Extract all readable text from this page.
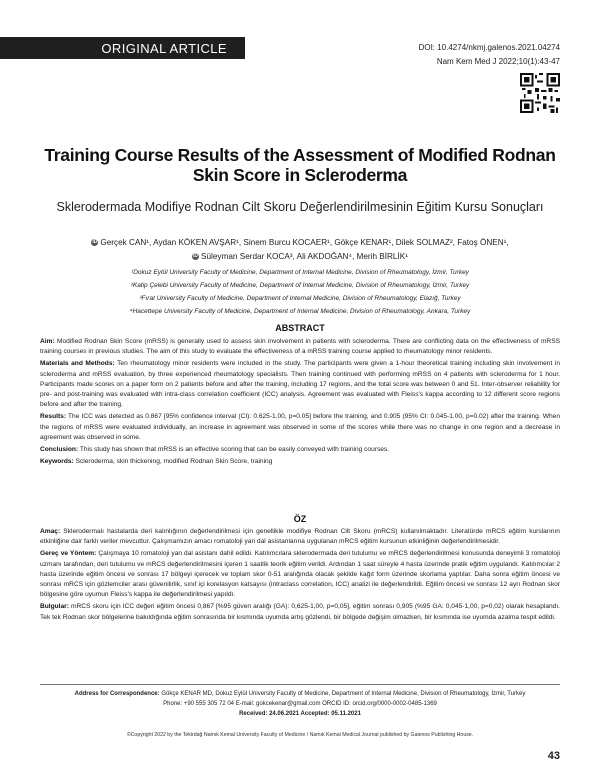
ORIGINAL ARTICLE	DOI: 10.4274/nkmj.galenos.2021.04274
Nam Kem Med J 2022;10(1):43-47
Training Course Results of the Assessment of Modified Rodnan Skin Score in Scleroderma
Sklerodermada Modifiye Rodnan Cilt Skoru Değerlendirilmesinin Eğitim Kursu Sonuçları
iD Gerçek CAN¹, Aydan KÖKEN AVŞAR¹, Sinem Burcu KOCAER¹, Gökçe KENAR¹, Dilek SOLMAZ², Fatoş ÖNEN¹,
iD Süleyman Serdar KOCA³, Ali AKDOĞAN⁴, Merih BİRLİK¹
¹Dokuz Eylül University Faculty of Medicine, Department of Internal Medicine, Division of Rheumatology, İzmir, Turkey
²Katip Çelebi University Faculty of Medicine, Department of Internal Medicine, Division of Rheumatology, İzmir, Turkey
³Fırat University Faculty of Medicine, Department of Internal Medicine, Division of Rheumatology, Elazığ, Turkey
⁴Hacettepe University Faculty of Medicine, Department of Internal Medicine, Division of Rheumatology, Ankara, Turkey
ABSTRACT

Aim: Modified Rodnan Skin Score (mRSS) is generally used to assess skin involvement in patients with scleroderma. There are conflicting data on the effectiveness of mRSS training courses in previous studies. The aim of this study to evaluate the effectiveness of a mRSS training course applied to rheumatology minor residents.

Materials and Methods: Ten rheumatology minor residents were included in the study. The participants were given a 1-hour theoretical training including skin involvement in scleroderma and mRSS evaluation, by three experienced rheumatology specialists. Then training continued with performing mRSS on 4 patients with scleroderma for 1 hour. Participants made scores on a paper form on 2 patients before and after the training, including 17 regions, and the total score was between 0 and 51. Inter-observer reliability for pre- and post-training was evaluated with intra-class correlation coefficient (ICC) analysis. Agreement was evaluated with Fleiss's kappa according to 12 different score regions before and after the training.

Results: The ICC was detected as 0.867 [95% confidence interval (CI): 0.625-1.00, p=0.05] before the training, and 0.905 (95% CI: 0.045-1.00, p=0.02) after the training. When the regions of mRSS were evaluated individually, an increase in agreement was observed in some of the scores while there was no change in one region and a decrease in agreement was observed in some.

Conclusion: This study has shown that mRSS is an effective scoring that can be easily conveyed with training courses.

Keywords: Scleroderma, skin thickening, modified Rodnan Skin Score, training

ÖZ

Amaç: Sklerodermalı hastalarda deri kalınlığının değerlendirilmesi için genellikle modifiye Rodnan Cilt Skoru (mRCS) kullanılmaktadır. Literatürde mRCS eğitim kurslarının etkinliğine dair farklı veriler mevcuttur. Çalışmamızın amacı romatoloji yan dal asistanlarına uygulanan mRCS eğitim kursunun etkinliğinin değerlendirilmesidir.

Gereç ve Yöntem: Çalışmaya 10 romatoloji yan dal asistanı dahil edildi. Katılımcılara sklerodermada deri tutulumu ve mRCS değerlendirilmesi konusunda deneyimli 3 romatoloji uzmanı tarafından, deri tutulumu ve mRCS değerlendirilmesini içeren 1 saatlik teorik eğitim verildi. Ardından 1 saat süreyle 4 hasta üzerinde pratik eğitim uygulandı. Katılımcılar 2 hasta üzerinde eğitim öncesi ve sonrası 17 bölgeyi içerecek ve toplam skor 0-51 aralığında olacak şekilde kağıt form üzerinde skorlama yaptılar. Daha sonra eğitim öncesi ve sonrası mRCS için gözlemciler arası güvenilirlik, sınıf içi korelasyon katsayısı (intraclass correlation, ICC) analizi ile değerlendirildi. Eğitim öncesi ve sonrası 12 ayrı Rodnan skor bölgesine göre uyumun Fleiss's kappa ile değerlendirilmesi yapıldı.

Bulgular: mRCS skoru için ICC değeri eğitim öncesi 0,867 [%95 güven aralığı (GA): 0,625-1,00, p=0,05], eğitim sonrası 0,905 (%95 GA: 0,045-1,00, p=0,02) olarak hesaplandı. Tek tek Rodnan skor bölgelerine bakıldığında eğitim sonrasında bir kısmında uyumda artış gözlendi, bir bölgede değişim olmazken, bir kısmında ise uyumda azalma tespit edildi.

Address for Correspondence: Gökçe KENAR MD, Dokuz Eylül University Faculty of Medicine, Department of Internal Medicine, Division of Rheumatology, İzmir, Turkey
Phone: +90 555 305 72 04 E-mail: gokcekenar@gmail.com ORCID ID: orcid.org/0000-0002-0485-1369
Received: 24.06.2021 Accepted: 05.11.2021
©Copyright 2022 by the Tekirdağ Namık Kemal University Faculty of Medicine / Namık Kemal Medical Journal published by Galenos Publishing House.
43
